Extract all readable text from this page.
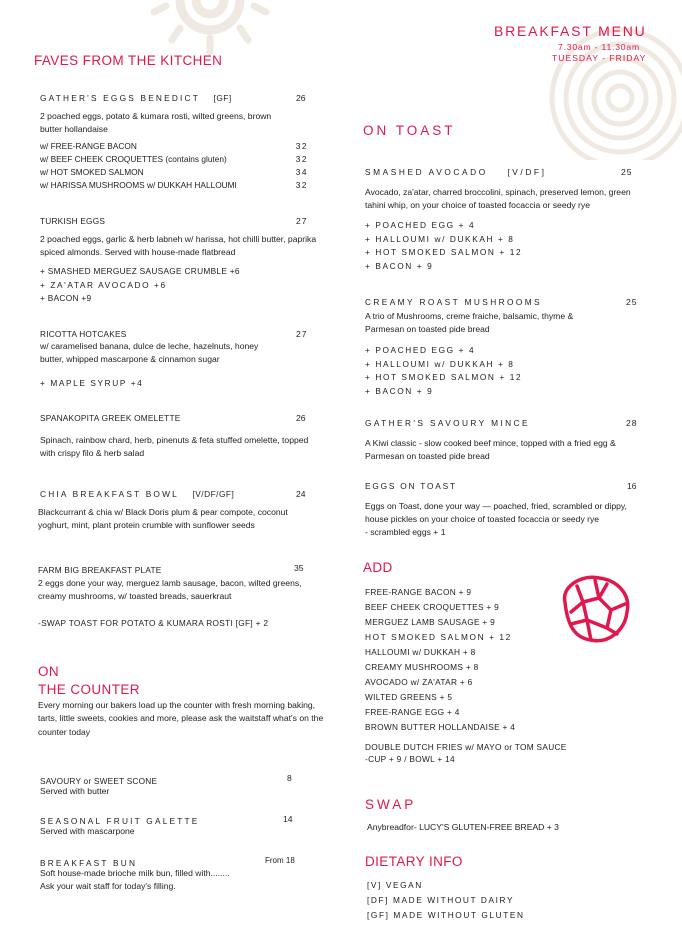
BREAKFAST MENU
7.30am - 11.30am
TUESDAY - FRIDAY
FAVES FROM THE KITCHEN
GATHER'S EGGS BENEDICT [GF]	26
2 poached eggs, potato & kumara rosti, wilted greens, brown butter hollandaise
w/ FREE-RANGE BACON	32
w/ BEEF CHEEK CROQUETTES (contains gluten)	32
w/ HOT SMOKED SALMON	34
w/ HARISSA MUSHROOMS w/ DUKKAH HALLOUMI	32
TURKISH EGGS	27
2 poached eggs, garlic & herb labneh w/ harissa, hot chilli butter, paprika spiced almonds. Served with house-made flatbread
+ SMASHED MERGUEZ SAUSAGE CRUMBLE +6
+ ZA'ATAR AVOCADO +6
+ BACON +9
RICOTTA HOTCAKES	27
w/ caramelised banana, dulce de leche, hazelnuts, honey butter, whipped mascarpone & cinnamon sugar
+ MAPLE SYRUP +4
SPANAKOPITA GREEK OMELETTE	26
Spinach, rainbow chard, herb, pinenuts & feta stuffed omelette, topped with crispy filo & herb salad
CHIA BREAKFAST BOWL [V/DF/GF]	24
Blackcurrant & chia w/ Black Doris plum & pear compote, coconut yoghurt, mint, plant protein crumble with sunflower seeds
FARM BIG BREAKFAST PLATE	35
2 eggs done your way, merguez lamb sausage, bacon, wilted greens, creamy mushrooms, w/ toasted breads, sauerkraut
-SWAP TOAST FOR POTATO & KUMARA ROSTI [GF] + 2
ON
THE COUNTER
Every morning our bakers load up the counter with fresh morning baking, tarts, little sweets, cookies and more, please ask the waitstaff what's on the counter today
SAVOURY or SWEET SCONE	8
Served with butter
SEASONAL FRUIT GALETTE	14
Served with mascarpone
BREAKFAST BUN	From 18
Soft house-made brioche milk bun, filled with........
Ask your wait staff for today's filling.
ON TOAST
SMASHED AVOCADO [V/DF]	25
Avocado, za'atar, charred broccolini, spinach, preserved lemon, green tahini whip, on your choice of toasted focaccia or seedy rye
+ POACHED EGG + 4
+ HALLOUMI w/ DUKKAH + 8
+ HOT SMOKED SALMON + 12
+ BACON + 9
CREAMY ROAST MUSHROOMS	25
A trio of Mushrooms, creme fraiche, balsamic, thyme & Parmesan on toasted pide bread
+ POACHED EGG + 4
+ HALLOUMI w/ DUKKAH + 8
+ HOT SMOKED SALMON + 12
+ BACON + 9
GATHER'S SAVOURY MINCE	28
A Kiwi classic - slow cooked beef mince, topped with a fried egg & Parmesan on toasted pide bread
EGGS ON TOAST	16
Eggs on Toast, done your way — poached, fried, scrambled or dippy, house pickles on your choice of toasted focaccia or seedy rye
- scrambled eggs + 1
ADD
FREE-RANGE BACON + 9
BEEF CHEEK CROQUETTES + 9
MERGUEZ LAMB SAUSAGE + 9
HOT SMOKED SALMON + 12
HALLOUMI w/ DUKKAH + 8
CREAMY MUSHROOMS + 8
AVOCADO w/ ZA'ATAR + 6
WILTED GREENS + 5
FREE-RANGE EGG + 4
BROWN BUTTER HOLLANDAISE + 4
DOUBLE DUTCH FRIES w/ MAYO or TOM SAUCE
-CUP + 9 / BOWL + 14
SWAP
Anybreadfor- LUCY'S GLUTEN-FREE BREAD + 3
DIETARY INFO
[V] VEGAN
[DF] MADE WITHOUT DAIRY
[GF] MADE WITHOUT GLUTEN
